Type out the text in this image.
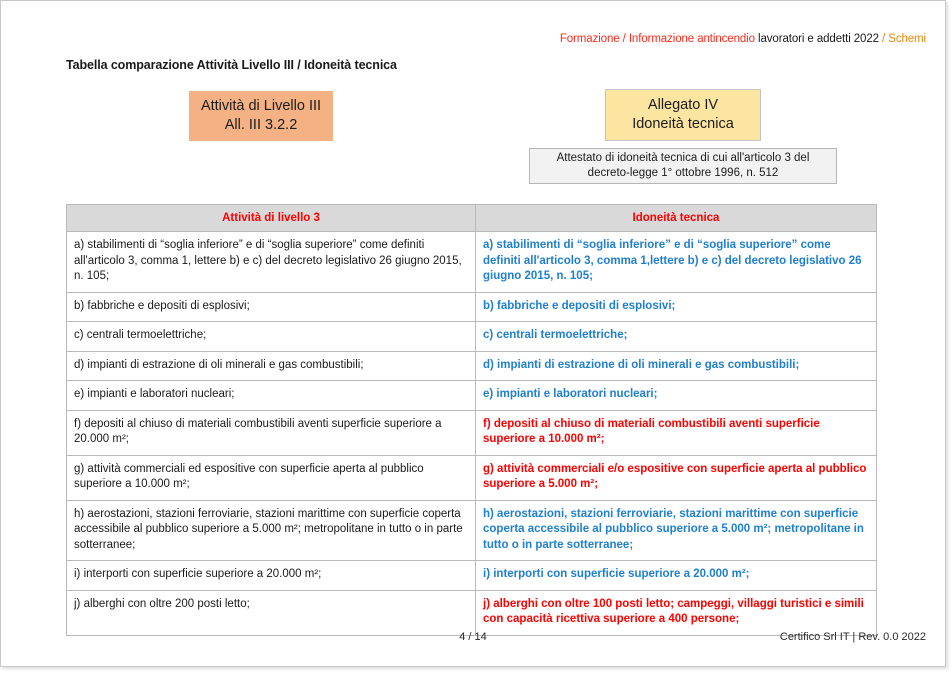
Formazione / Informazione antincendio lavoratori e addetti 2022 / Schemi
Tabella comparazione Attività Livello III / Idoneità tecnica
Attività di Livello III
All. III 3.2.2
Allegato IV
Idoneità tecnica
Attestato di idoneità tecnica di cui all'articolo 3 del
decreto-legge 1° ottobre 1996, n. 512
Attività di livello 3	Idoneità tecnica
a) stabilimenti di “soglia inferiore” e di “soglia superiore” come definiti all'articolo 3, comma 1, lettere b) e c) del decreto legislativo 26 giugno 2015, n. 105;	a) stabilimenti di “soglia inferiore” e di “soglia superiore” come definiti all'articolo 3, comma 1,lettere b) e c) del decreto legislativo 26 giugno 2015, n. 105;
b) fabbriche e depositi di esplosivi;	b) fabbriche e depositi di esplosivi;
c) centrali termoelettriche;	c) centrali termoelettriche;
d) impianti di estrazione di oli minerali e gas combustibili;	d) impianti di estrazione di oli minerali e gas combustibili;
e) impianti e laboratori nucleari;	e) impianti e laboratori nucleari;
f) depositi al chiuso di materiali combustibili aventi superficie superiore a 20.000 m²;	f) depositi al chiuso di materiali combustibili aventi superficie superiore a 10.000 m²;
g) attività commerciali ed espositive con superficie aperta al pubblico superiore a 10.000 m²;	g) attività commerciali e/o espositive con superficie aperta al pubblico superiore a 5.000 m²;
h) aerostazioni, stazioni ferroviarie, stazioni marittime con superficie coperta accessibile al pubblico superiore a 5.000 m²; metropolitane in tutto o in parte sotterranee;	h) aerostazioni, stazioni ferroviarie, stazioni marittime con superficie coperta accessibile al pubblico superiore a 5.000 m²; metropolitane in tutto o in parte sotterranee;
i) interporti con superficie superiore a 20.000 m²;	i) interporti con superficie superiore a 20.000 m²;
j) alberghi con oltre 200 posti letto;	j) alberghi con oltre 100 posti letto; campeggi, villaggi turistici e simili con capacità ricettiva superiore a 400 persone;
4 / 14	Certifico Srl IT | Rev. 0.0 2022
